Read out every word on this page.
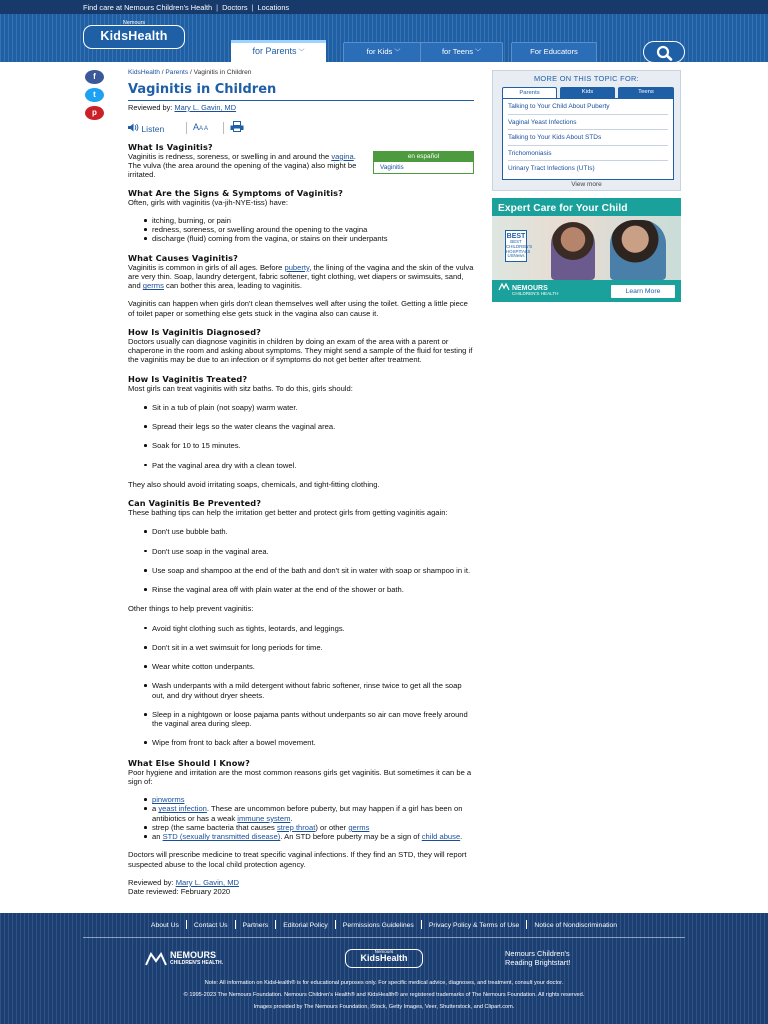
Find care at Nemours Children's Health | Doctors | Locations
Nemours
KidsHealth
for Parents ﹀	for Kids ﹀	for Teens ﹀	For Educators
f
t
p
KidsHealth / Parents / Vaginitis in Children
Vaginitis in Children
Reviewed by: Mary L. Gavin, MD
Listen	AA A
What Is Vaginitis?

Vaginitis is redness, soreness, or swelling in and around the vagina. The vulva (the area around the opening of the vagina) also might be irritated.

What Are the Signs & Symptoms of Vaginitis?

Often, girls with vaginitis (va-jih-NYE-tiss) have:

itching, burning, or pain
redness, soreness, or swelling around the opening to the vagina
discharge (fluid) coming from the vagina, or stains on their underpants
What Causes Vaginitis?

Vaginitis is common in girls of all ages. Before puberty, the lining of the vagina and the skin of the vulva are very thin. Soap, laundry detergent, fabric softener, tight clothing, wet diapers or swimsuits, sand, and germs can bother this area, leading to vaginitis.

Vaginitis can happen when girls don't clean themselves well after using the toilet. Getting a little piece of toilet paper or something else gets stuck in the vagina also can cause it.

How Is Vaginitis Diagnosed?

Doctors usually can diagnose vaginitis in children by doing an exam of the area with a parent or chaperone in the room and asking about symptoms. They might send a sample of the fluid for testing if the vaginitis may be due to an infection or if symptoms do not get better after treatment.

How Is Vaginitis Treated?

Most girls can treat vaginitis with sitz baths. To do this, girls should:

Sit in a tub of plain (not soapy) warm water.
Spread their legs so the water cleans the vaginal area.
Soak for 10 to 15 minutes.
Pat the vaginal area dry with a clean towel.

They also should avoid irritating soaps, chemicals, and tight-fitting clothing.

Can Vaginitis Be Prevented?

These bathing tips can help the irritation get better and protect girls from getting vaginitis again:

Don't use bubble bath.
Don't use soap in the vaginal area.
Use soap and shampoo at the end of the bath and don't sit in water with soap or shampoo in it.
Rinse the vaginal area off with plain water at the end of the shower or bath.

Other things to help prevent vaginitis:

Avoid tight clothing such as tights, leotards, and leggings.
Don't sit in a wet swimsuit for long periods for time.
Wear white cotton underpants.
Wash underpants with a mild detergent without fabric softener, rinse twice to get all the soap out, and dry without dryer sheets.
Sleep in a nightgown or loose pajama pants without underpants so air can move freely around the vaginal area during sleep.
Wipe from front to back after a bowel movement.
What Else Should I Know?

Poor hygiene and irritation are the most common reasons girls get vaginitis. But sometimes it can be a sign of:

pinworms
a yeast infection. These are uncommon before puberty, but may happen if a girl has been on antibiotics or has a weak immune system.
strep (the same bacteria that causes strep throat) or other germs
an STD (sexually transmitted disease). An STD before puberty may be a sign of child abuse.

Doctors will prescribe medicine to treat specific vaginal infections. If they find an STD, they will report suspected abuse to the local child protection agency.

Reviewed by: Mary L. Gavin, MD

Date reviewed: February 2020

en español
Vaginitis
MORE ON THIS TOPIC FOR:
Parents	Kids	Teens
Talking to Your Child About Puberty
Vaginal Yeast Infections
Talking to Your Kids About STDs
Trichomoniasis
Urinary Tract Infections (UTIs)
View more
Expert Care for Your Child
BEST
BEST CHILDREN'S HOSPITALS
USNews
NEMOURS
CHILDREN'S HEALTH	Learn More
About Us Contact Us Partners Editorial Policy Permissions Guidelines Privacy Policy & Terms of Use Notice of Nondiscrimination
NEMOURS
CHILDREN'S HEALTH.
Nemours
KidsHealth	Nemours Children's
Reading Brightstart!
Note: All information on KidsHealth® is for educational purposes only. For specific medical advice, diagnoses, and treatment, consult your doctor.
© 1995-2023 The Nemours Foundation. Nemours Children's Health® and KidsHealth® are registered trademarks of The Nemours Foundation. All rights reserved.
Images provided by The Nemours Foundation, iStock, Getty Images, Veer, Shutterstock, and Clipart.com.
